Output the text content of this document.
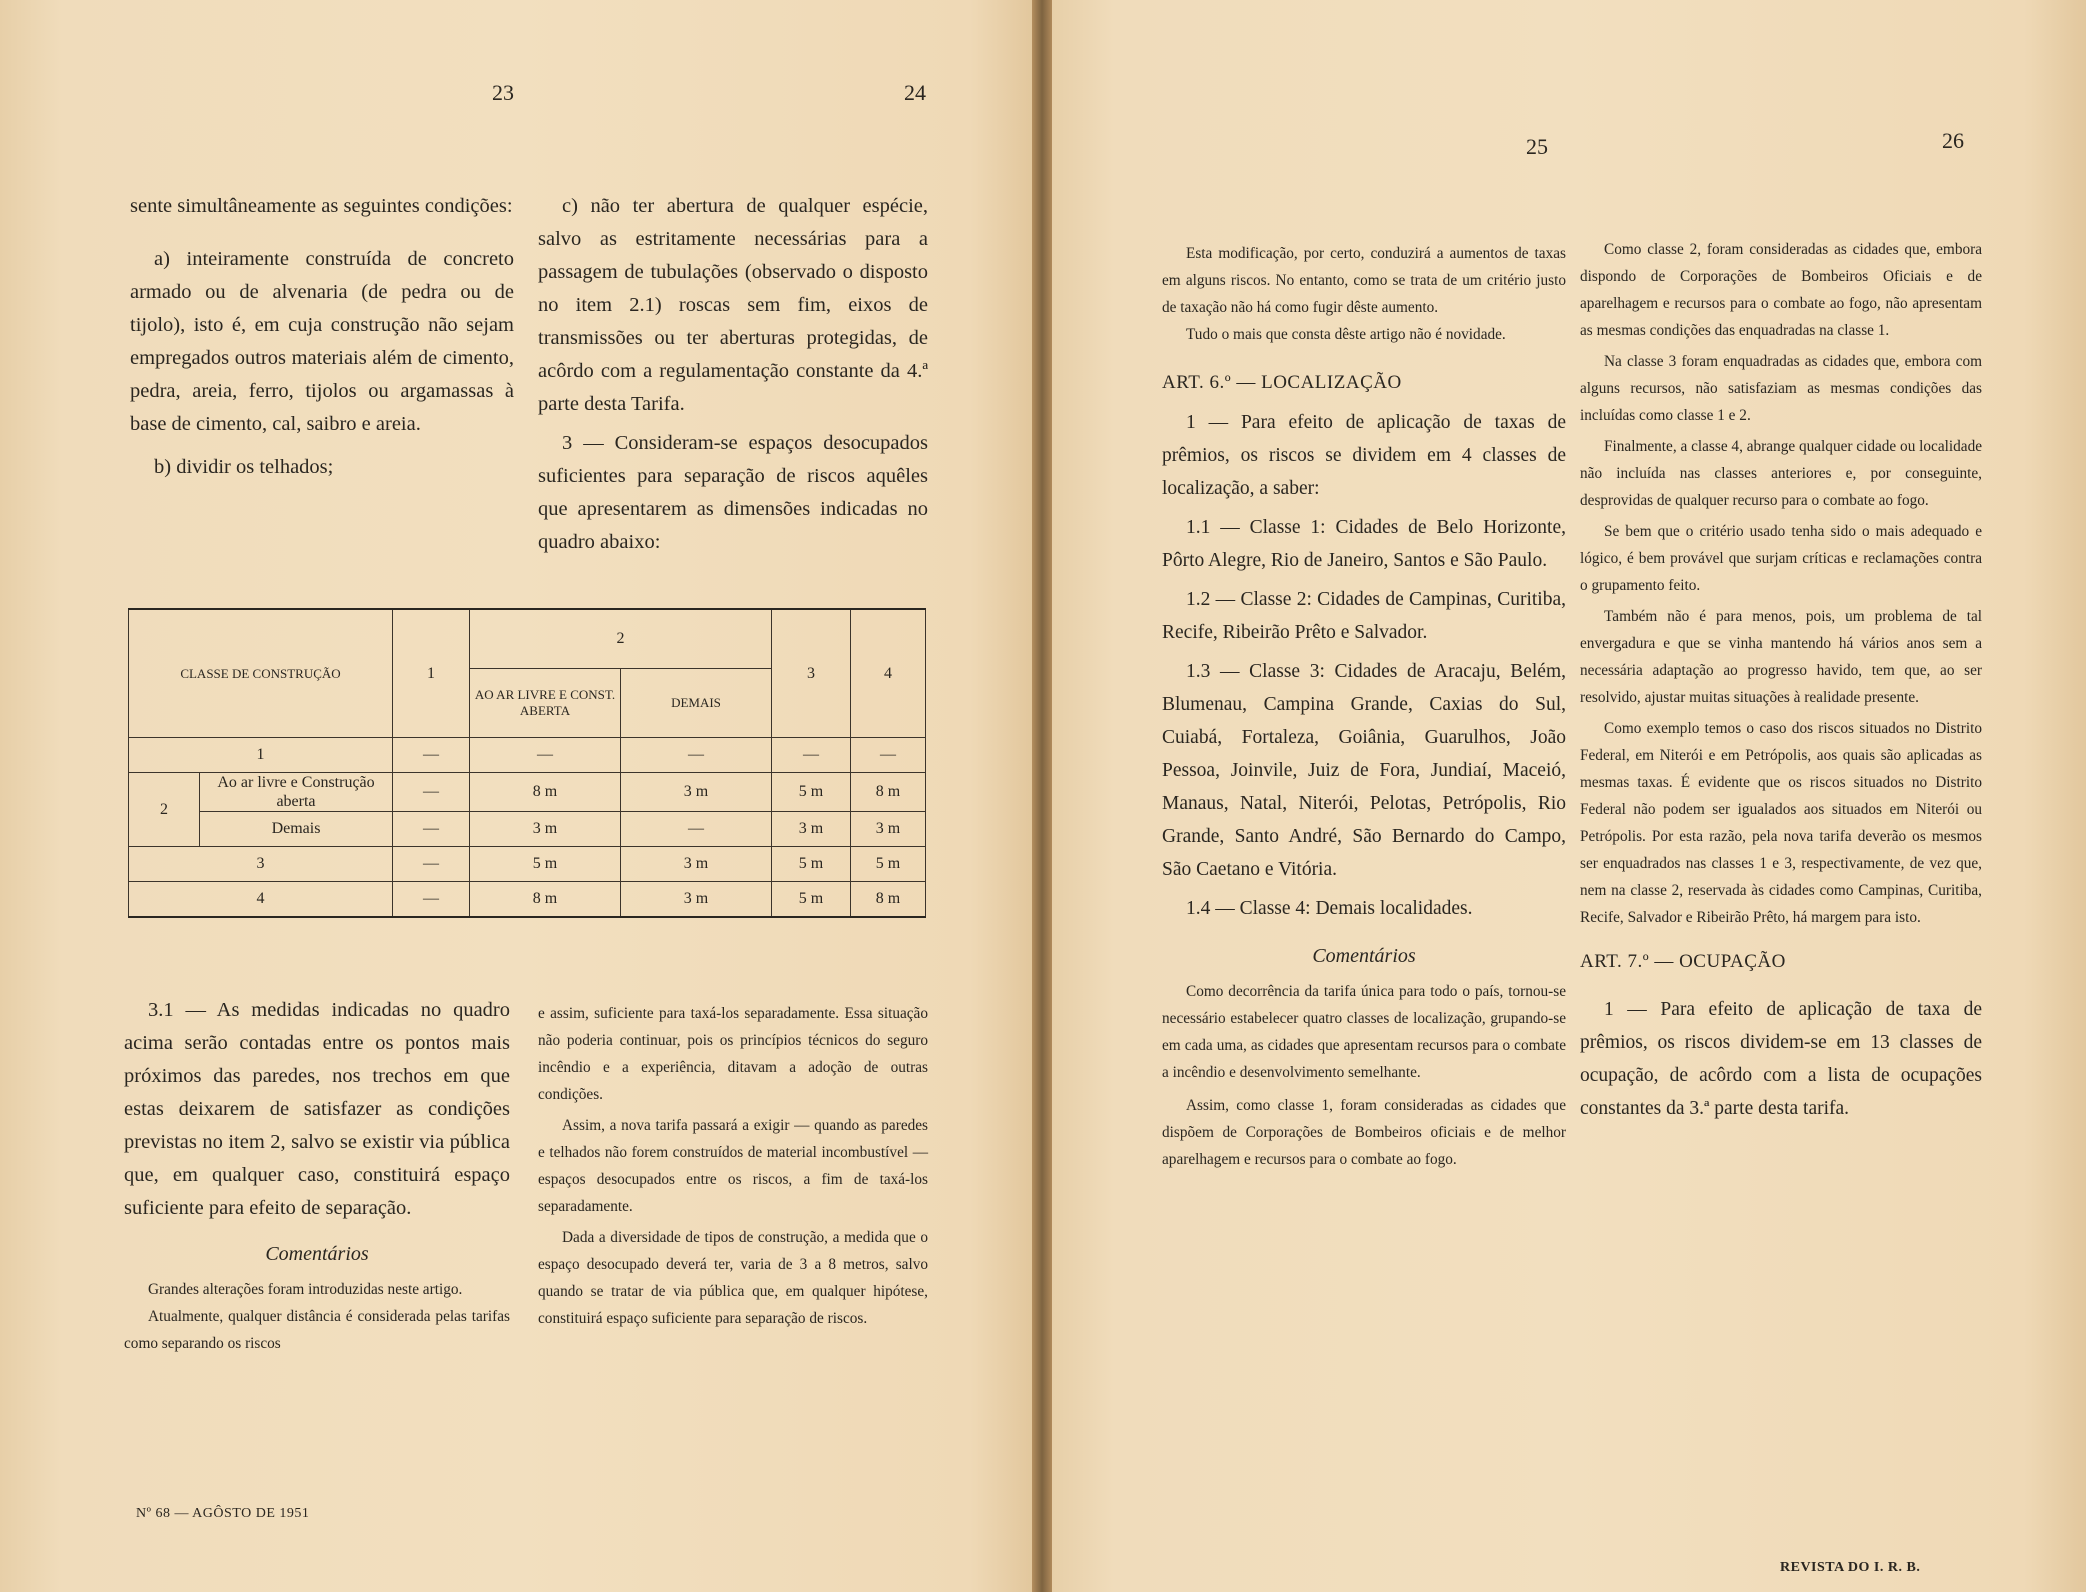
23	24

sente simultâneamente as seguintes condições:

a) inteiramente construída de concreto armado ou de alvenaria (de pedra ou de tijolo), isto é, em cuja construção não sejam empregados outros materiais além de cimento, pedra, areia, ferro, tijolos ou argamassas à base de cimento, cal, saibro e areia.

b) dividir os telhados;

c) não ter abertura de qualquer espécie, salvo as estritamente necessárias para a passagem de tubulações (observado o disposto no item 2.1) roscas sem fim, eixos de transmissões ou ter aberturas protegidas, de acôrdo com a regulamentação constante da 4.ª parte desta Tarifa.

3 — Consideram-se espaços desocupados suficientes para separação de riscos aquêles que apresentarem as dimensões indicadas no quadro abaixo:

CLASSE DE CONSTRUÇÃO		1	2		3	4
			AO AR LIVRE E CONST. ABERTA	DEMAIS		
1		—	—	—	—	—
2	Ao ar livre e Construção aberta	—	8 m	3 m	5 m	8 m
	Demais	—	3 m	—	3 m	3 m
3		—	5 m	3 m	5 m	5 m
4		—	8 m	3 m	5 m	8 m

3.1 — As medidas indicadas no quadro acima serão contadas entre os pontos mais próximos das paredes, nos trechos em que estas deixarem de satisfazer as condições previstas no item 2, salvo se existir via pública que, em qualquer caso, constituirá espaço suficiente para efeito de separação.

Comentários

Grandes alterações foram introduzidas neste artigo.

Atualmente, qualquer distância é considerada pelas tarifas como separando os riscos

e assim, suficiente para taxá-los separadamente. Essa situação não poderia continuar, pois os princípios técnicos do seguro incêndio e a experiência, ditavam a adoção de outras condições.

Assim, a nova tarifa passará a exigir — quando as paredes e telhados não forem construídos de material incombustível — espaços desocupados entre os riscos, a fim de taxá-los separadamente.

Dada a diversidade de tipos de construção, a medida que o espaço desocupado deverá ter, varia de 3 a 8 metros, salvo quando se tratar de via pública que, em qualquer hipótese, constituirá espaço suficiente para separação de riscos.

Nº 68 — AGÔSTO DE 1951
25	26

Esta modificação, por certo, conduzirá a aumentos de taxas em alguns riscos. No entanto, como se trata de um critério justo de taxação não há como fugir dêste aumento.

Tudo o mais que consta dêste artigo não é novidade.

ART. 6.º — LOCALIZAÇÃO

1 — Para efeito de aplicação de taxas de prêmios, os riscos se dividem em 4 classes de localização, a saber:

1.1 — Classe 1: Cidades de Belo Horizonte, Pôrto Alegre, Rio de Janeiro, Santos e São Paulo.

1.2 — Classe 2: Cidades de Campinas, Curitiba, Recife, Ribeirão Prêto e Salvador.

1.3 — Classe 3: Cidades de Aracaju, Belém, Blumenau, Campina Grande, Caxias do Sul, Cuiabá, Fortaleza, Goiânia, Guarulhos, João Pessoa, Joinvile, Juiz de Fora, Jundiaí, Maceió, Manaus, Natal, Niterói, Pelotas, Petrópolis, Rio Grande, Santo André, São Bernardo do Campo, São Caetano e Vitória.

1.4 — Classe 4: Demais localidades.

Comentários

Como decorrência da tarifa única para todo o país, tornou-se necessário estabelecer quatro classes de localização, grupando-se em cada uma, as cidades que apresentam recursos para o combate a incêndio e desenvolvimento semelhante.

Assim, como classe 1, foram consideradas as cidades que dispõem de Corporações de Bombeiros oficiais e de melhor aparelhagem e recursos para o combate ao fogo.

Como classe 2, foram consideradas as cidades que, embora dispondo de Corporações de Bombeiros Oficiais e de aparelhagem e recursos para o combate ao fogo, não apresentam as mesmas condições das enquadradas na classe 1.

Na classe 3 foram enquadradas as cidades que, embora com alguns recursos, não satisfaziam as mesmas condições das incluídas como classe 1 e 2.

Finalmente, a classe 4, abrange qualquer cidade ou localidade não incluída nas classes anteriores e, por conseguinte, desprovidas de qualquer recurso para o combate ao fogo.

Se bem que o critério usado tenha sido o mais adequado e lógico, é bem provável que surjam críticas e reclamações contra o grupamento feito.

Também não é para menos, pois, um problema de tal envergadura e que se vinha mantendo há vários anos sem a necessária adaptação ao progresso havido, tem que, ao ser resolvido, ajustar muitas situações à realidade presente.

Como exemplo temos o caso dos riscos situados no Distrito Federal, em Niterói e em Petrópolis, aos quais são aplicadas as mesmas taxas. É evidente que os riscos situados no Distrito Federal não podem ser igualados aos situados em Niterói ou Petrópolis. Por esta razão, pela nova tarifa deverão os mesmos ser enquadrados nas classes 1 e 3, respectivamente, de vez que, nem na classe 2, reservada às cidades como Campinas, Curitiba, Recife, Salvador e Ribeirão Prêto, há margem para isto.

ART. 7.º — OCUPAÇÃO

1 — Para efeito de aplicação de taxa de prêmios, os riscos dividem-se em 13 classes de ocupação, de acôrdo com a lista de ocupações constantes da 3.ª parte desta tarifa.

REVISTA DO I. R. B.
